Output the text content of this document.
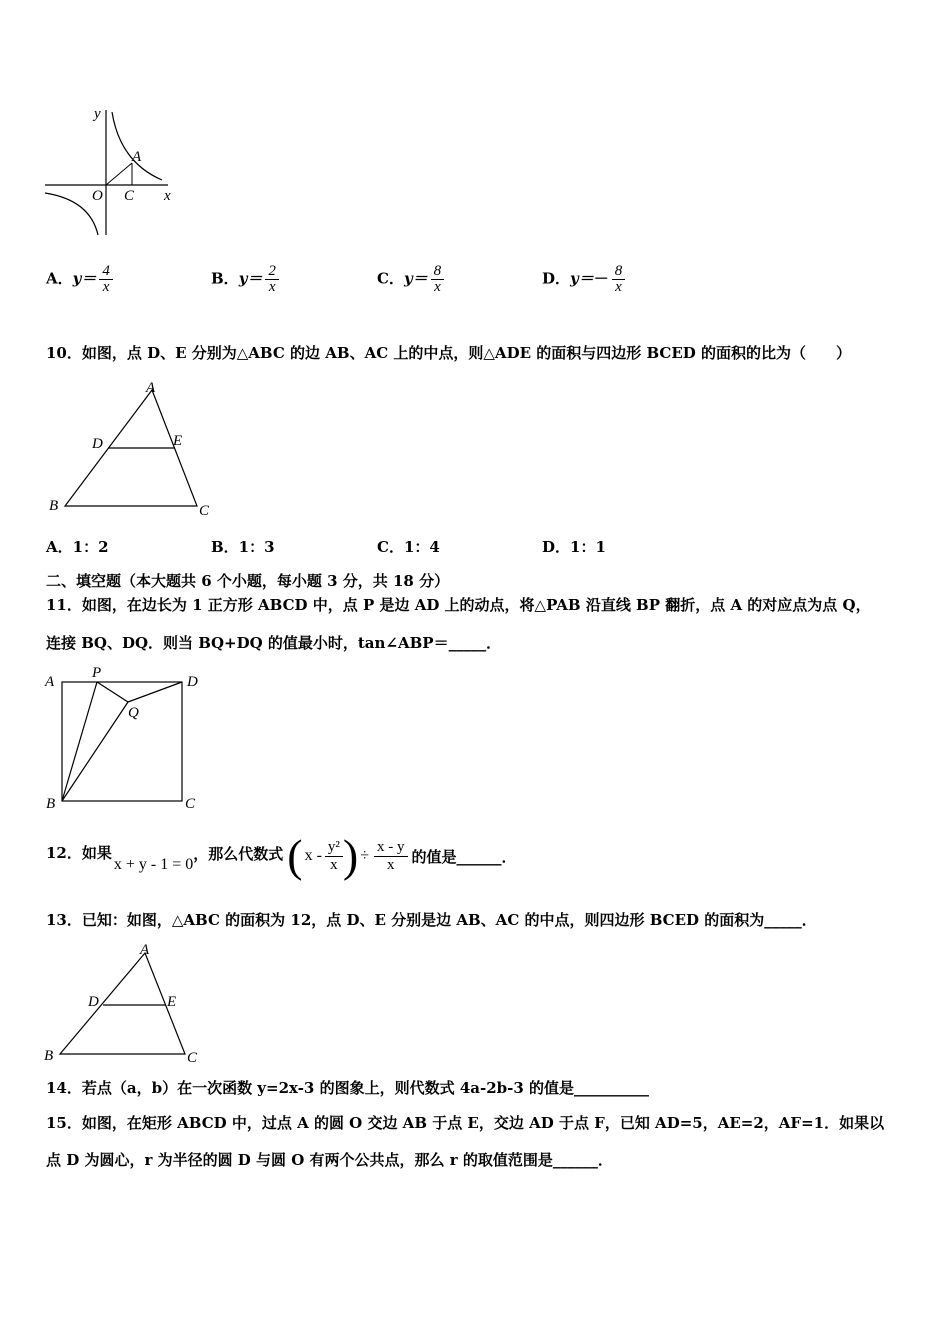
y
x
O C
A
A．$y= \frac{4}{x}$	B．$y= \frac{2}{x}$	C．$y= \frac{8}{x}$	D．$y=- \frac{8}{x}$
10．如图，点 D、E 分别为△ABC 的边 AB、AC 上的中点，则△ADE 的面积与四边形 BCED 的面积的比为（　　）
A
D	E
B	C
A．1：2	B．1：3	C．1：4	D．1：1
二、填空题（本大题共 6 个小题，每小题 3 分，共 18 分）
11．如图，在边长为 1 正方形 ABCD 中，点 P 是边 AD 上的动点，将△PAB 沿直线 BP 翻折，点 A 的对应点为点 Q，
连接 BQ、DQ．则当 BQ+DQ 的值最小时，tan∠ABP＝_____．
A
P
D
Q
B	C
12．如果
x + y - 1 = 0
，那么代数式 ( x - $\frac{\text{y²}}{x}$ ) ÷ $\frac{x - y}{x}$ 的值是______．
13．已知：如图，△ABC 的面积为 12，点 D、E 分别是边 AB、AC 的中点，则四边形 BCED 的面积为_____．
A
D	E
B	C
14．若点（a，b）在一次函数 y=2x-3 的图象上，则代数式 4a-2b-3 的值是__________
15．如图，在矩形 ABCD 中，过点 A 的圆 O 交边 AB 于点 E，交边 AD 于点 F，已知 AD=5，AE=2，AF=1．如果以
点 D 为圆心，r 为半径的圆 D 与圆 O 有两个公共点，那么 r 的取值范围是______．
